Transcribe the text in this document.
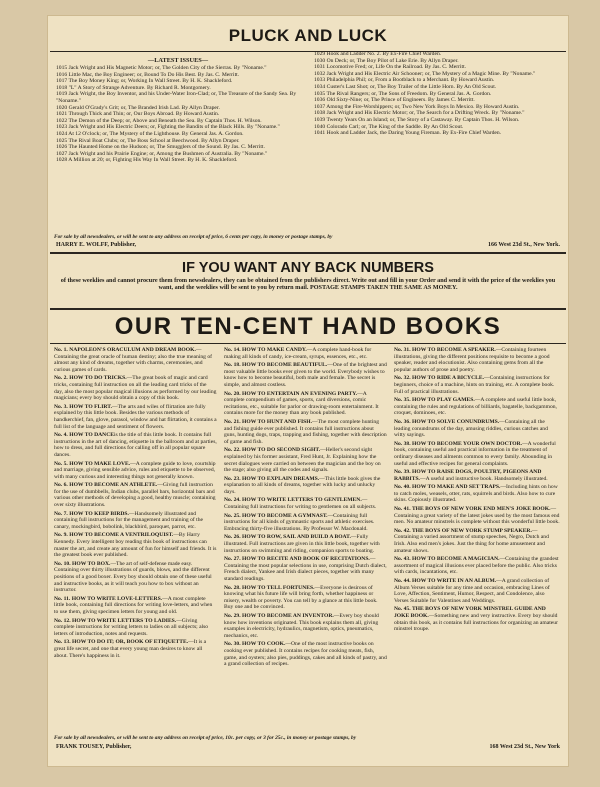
PLUCK AND LUCK
—LATEST ISSUES—
1015 Jack Wright and His Magnetic Motor; or, The Golden City of the Sierras. By "Noname."
1016 Little Mac, the Boy Engineer; or, Bound To Do His Best. By Jas. C. Merritt.
1017 The Boy Money King; or, Working In Wall Street. By H. K. Shackleford.
1018 "L" A Story of Strange Adventure. By Richard R. Montgomery.
1019 Jack Wright, the Boy Inventor, and his Under-Water Iron-Clad; or, The Treasure of the Sandy Sea. By "Noname."
1020 Gerald O'Grady's Grit; or, The Branded Irish Lad. By Allyn Draper.
1021 Through Thick and Thin; or, Our Boys Abroad. By Howard Austin.
1022 The Demon of the Deep; or, Above and Beneath the Sea. By Captain Thos. H. Wilson.
1023 Jack Wright and His Electric Deers; or, Fighting the Bandits of the Black Hills. By "Noname."
1024 At 12 O'clock; or, The Mystery of the Lighthouse. By General Jas. A. Gordon.
1025 The Rival Boat Clubs; or, The Boss School at Beechwood. By Allyn Draper.
1026 The Haunted Home on the Hudson; or, The Smugglers of the Sound. By Jas. C. Merritt.
1027 Jack Wright and his Prairie Engine; or, Among the Bushmen of Australia. By "Noname."
1028 A Million at 20; or, Fighting His Way In Wall Street. By H. K. Shackleford.
1029 Hook and Ladder No. 2. By Ex-Fire Chief Warden.
1030 On Deck; or, The Boy Pilot of Lake Erie. By Allyn Draper.
1031 Locomotive Fred; or, Life On the Railroad. By Jas. C. Merritt.
1032 Jack Wright and His Electric Air Schooner; or, The Mystery of a Magic Mine. By "Noname."
1033 Philadelphia Phil; or, From a Bootblack to a Merchant. By Howard Austin.
1034 Custer's Last Shot; or, The Boy Trailer of the Little Horn. By An Old Scout.
1035 The Rival Rangers; or, The Sons of Freedom. By General Jas. A. Gordon.
1036 Old Sixty-Nine; or, The Prince of Engineers. By James C. Merritt.
1037 Among the Fire-Worshippers; or, Two New York Boys In Mexico. By Howard Austin.
1038 Jack Wright and His Electric Motor; or, The Search for a Drifting Wreck. By "Noname."
1039 Twenty Years On an Island; or, The Story of a Castaway. By Captain Thos. H. Wilson.
1040 Colorado Carl; or, The King of the Saddle. By An Old Scout.
1041 Hook and Ladder Jack, the Daring Young Fireman. By Ex-Fire Chief Warden.
For sale by all newsdealers, or will be sent to any address on receipt of price, 6 cents per copy, in money or postage stamps, by
HARRY E. WOLFF, Publisher,	166 West 23d St., New York.
IF YOU WANT ANY BACK NUMBERS
of these weeklies and cannot procure them from newsdealers, they can be obtained from the publishers direct. Write out and fill in your Order and send it with the price of the weeklies you want, and the weeklies will be sent to you by return mail. POSTAGE STAMPS TAKEN THE SAME AS MONEY.
OUR TEN-CENT HAND BOOKS
No. 1. NAPOLEON'S ORACULUM AND DREAM BOOK.—Containing the great oracle of human destiny; also the true meaning of almost any kind of dreams, together with charms, ceremonies, and curious games of cards.
No. 2. HOW TO DO TRICKS.—The great book of magic and card tricks, containing full instruction on all the leading card tricks of the day, also the most popular magical illusions as performed by our leading magicians; every boy should obtain a copy of this book.
No. 3. HOW TO FLIRT.—The arts and wiles of flirtation are fully explained by this little book. Besides the various methods of handkerchief, fan, glove, parasol, window and hat flirtation, it contains a full list of the language and sentiment of flowers.
No. 4. HOW TO DANCEis the title of this little book. It contains full instructions in the art of dancing, etiquette in the ballroom and at parties, how to dress, and full directions for calling off in all popular square dances.
No. 5. HOW TO MAKE LOVE.—A complete guide to love, courtship and marriage, giving sensible advice, rules and etiquette to be observed, with many curious and interesting things not generally known.
No. 6. HOW TO BECOME AN ATHLETE.—Giving full instruction for the use of dumbbells, Indian clubs, parallel bars, horizontal bars and various other methods of developing a good, healthy muscle; containing over sixty illustrations.
No. 7. HOW TO KEEP BIRDS.—Handsomely illustrated and containing full instructions for the management and training of the canary, mockingbird, bobolink, blackbird, paroquet, parrot, etc.
No. 9. HOW TO BECOME A VENTRILOQUIST.—By Harry Kennedy. Every intelligent boy reading this book of instructions can master the art, and create any amount of fun for himself and friends. It is the greatest book ever published.
No. 10. HOW TO BOX.—The art of self-defense made easy. Containing over thirty illustrations of guards, blows, and the different positions of a good boxer. Every boy should obtain one of these useful and instructive books, as it will teach you how to box without an instructor.
No. 11. HOW TO WRITE LOVE-LETTERS.—A most complete little book, containing full directions for writing love-letters, and when to use them, giving specimen letters for young and old.
No. 12. HOW TO WRITE LETTERS TO LADIES.—Giving complete instructions for writing letters to ladies on all subjects; also letters of introduction, notes and requests.
No. 13. HOW TO DO IT; OR, BOOK OF ETIQUETTE.—It is a great life secret, and one that every young man desires to know all about. There's happiness in it.
No. 14. HOW TO MAKE CANDY.—A complete hand-book for making all kinds of candy, ice-cream, syrups, essences, etc., etc.
No. 18. HOW TO BECOME BEAUTIFUL.—One of the brightest and most valuable little books ever given to the world. Everybody wishes to know how to become beautiful, both male and female. The secret is simple, and almost costless.
No. 20. HOW TO ENTERTAIN AN EVENING PARTY.—A complete compendium of games, sports, card diversions, comic recitations, etc., suitable for parlor or drawing-room entertainment. It contains more for the money than any book published.
No. 21. HOW TO HUNT AND FISH.—The most complete hunting and fishing guide ever published. It contains full instructions about guns, hunting dogs, traps, trapping and fishing, together with description of game and fish.
No. 22. HOW TO DO SECOND SIGHT.—Heller's second sight explained by his former assistant, Fred Hunt, Jr. Explaining how the secret dialogues were carried on between the magician and the boy on the stage; also giving all the codes and signals.
No. 23. HOW TO EXPLAIN DREAMS.—This little book gives the explanation to all kinds of dreams, together with lucky and unlucky days.
No. 24. HOW TO WRITE LETTERS TO GENTLEMEN.—Containing full instructions for writing to gentlemen on all subjects.
No. 25. HOW TO BECOME A GYMNAST.—Containing full instructions for all kinds of gymnastic sports and athletic exercises. Embracing thirty-five illustrations. By Professor W. Macdonald.
No. 26. HOW TO ROW, SAIL AND BUILD A BOAT.—Fully illustrated. Full instructions are given in this little book, together with instructions on swimming and riding, companion sports to boating.
No. 27. HOW TO RECITE AND BOOK OF RECITATIONS.—Containing the most popular selections in use, comprising Dutch dialect, French dialect, Yankee and Irish dialect pieces, together with many standard readings.
No. 28. HOW TO TELL FORTUNES.—Everyone is desirous of knowing what his future life will bring forth, whether happiness or misery, wealth or poverty. You can tell by a glance at this little book. Buy one and be convinced.
No. 29. HOW TO BECOME AN INVENTOR.—Every boy should know how inventions originated. This book explains them all, giving examples in electricity, hydraulics, magnetism, optics, pneumatics, mechanics, etc.
No. 30. HOW TO COOK.—One of the most instructive books on cooking ever published. It contains recipes for cooking meats, fish, game, and oysters; also pies, puddings, cakes and all kinds of pastry, and a grand collection of recipes.
No. 31. HOW TO BECOME A SPEAKER.—Containing fourteen illustrations, giving the different positions requisite to become a good speaker, reader and elocutionist. Also containing gems from all the popular authors of prose and poetry.
No. 32. HOW TO RIDE A BICYCLE.—Containing instructions for beginners, choice of a machine, hints on training, etc. A complete book. Full of practical illustrations.
No. 35. HOW TO PLAY GAMES.—A complete and useful little book, containing the rules and regulations of billiards, bagatelle, backgammon, croquet, dominoes, etc.
No. 36. HOW TO SOLVE CONUNDRUMS.—Containing all the leading conundrums of the day, amusing riddles, curious catches and witty sayings.
No. 38. HOW TO BECOME YOUR OWN DOCTOR.—A wonderful book, containing useful and practical information in the treatment of ordinary diseases and ailments common to every family. Abounding in useful and effective recipes for general complaints.
No. 39. HOW TO RAISE DOGS, POULTRY, PIGEONS AND RABBITS.—A useful and instructive book. Handsomely illustrated.
No. 40. HOW TO MAKE AND SET TRAPS.—Including hints on how to catch moles, weasels, otter, rats, squirrels and birds. Also how to cure skins. Copiously illustrated.
No. 41. THE BOYS OF NEW YORK END MEN'S JOKE BOOK.—Containing a great variety of the latest jokes used by the most famous end men. No amateur minstrels is complete without this wonderful little book.
No. 42. THE BOYS OF NEW YORK STUMP SPEAKER.—Containing a varied assortment of stump speeches, Negro, Dutch and Irish. Also end men's jokes. Just the thing for home amusement and amateur shows.
No. 43. HOW TO BECOME A MAGICIAN.—Containing the grandest assortment of magical illusions ever placed before the public. Also tricks with cards, incantations, etc.
No. 44. HOW TO WRITE IN AN ALBUM.—A grand collection of Album Verses suitable for any time and occasion, embracing Lines of Love, Affection, Sentiment, Humor, Respect, and Condolence, also Verses Suitable for Valentines and Weddings.
No. 45. THE BOYS OF NEW YORK MINSTREL GUIDE AND JOKE BOOK.—Something new and very instructive. Every boy should obtain this book, as it contains full instructions for organizing an amateur minstrel troupe.
For sale by all newsdealers, or will be sent to any address on receipt of price, 10c. per copy, or 3 for 25c., in money or postage stamps, by
FRANK TOUSEY, Publisher,	168 West 23d St., New York
